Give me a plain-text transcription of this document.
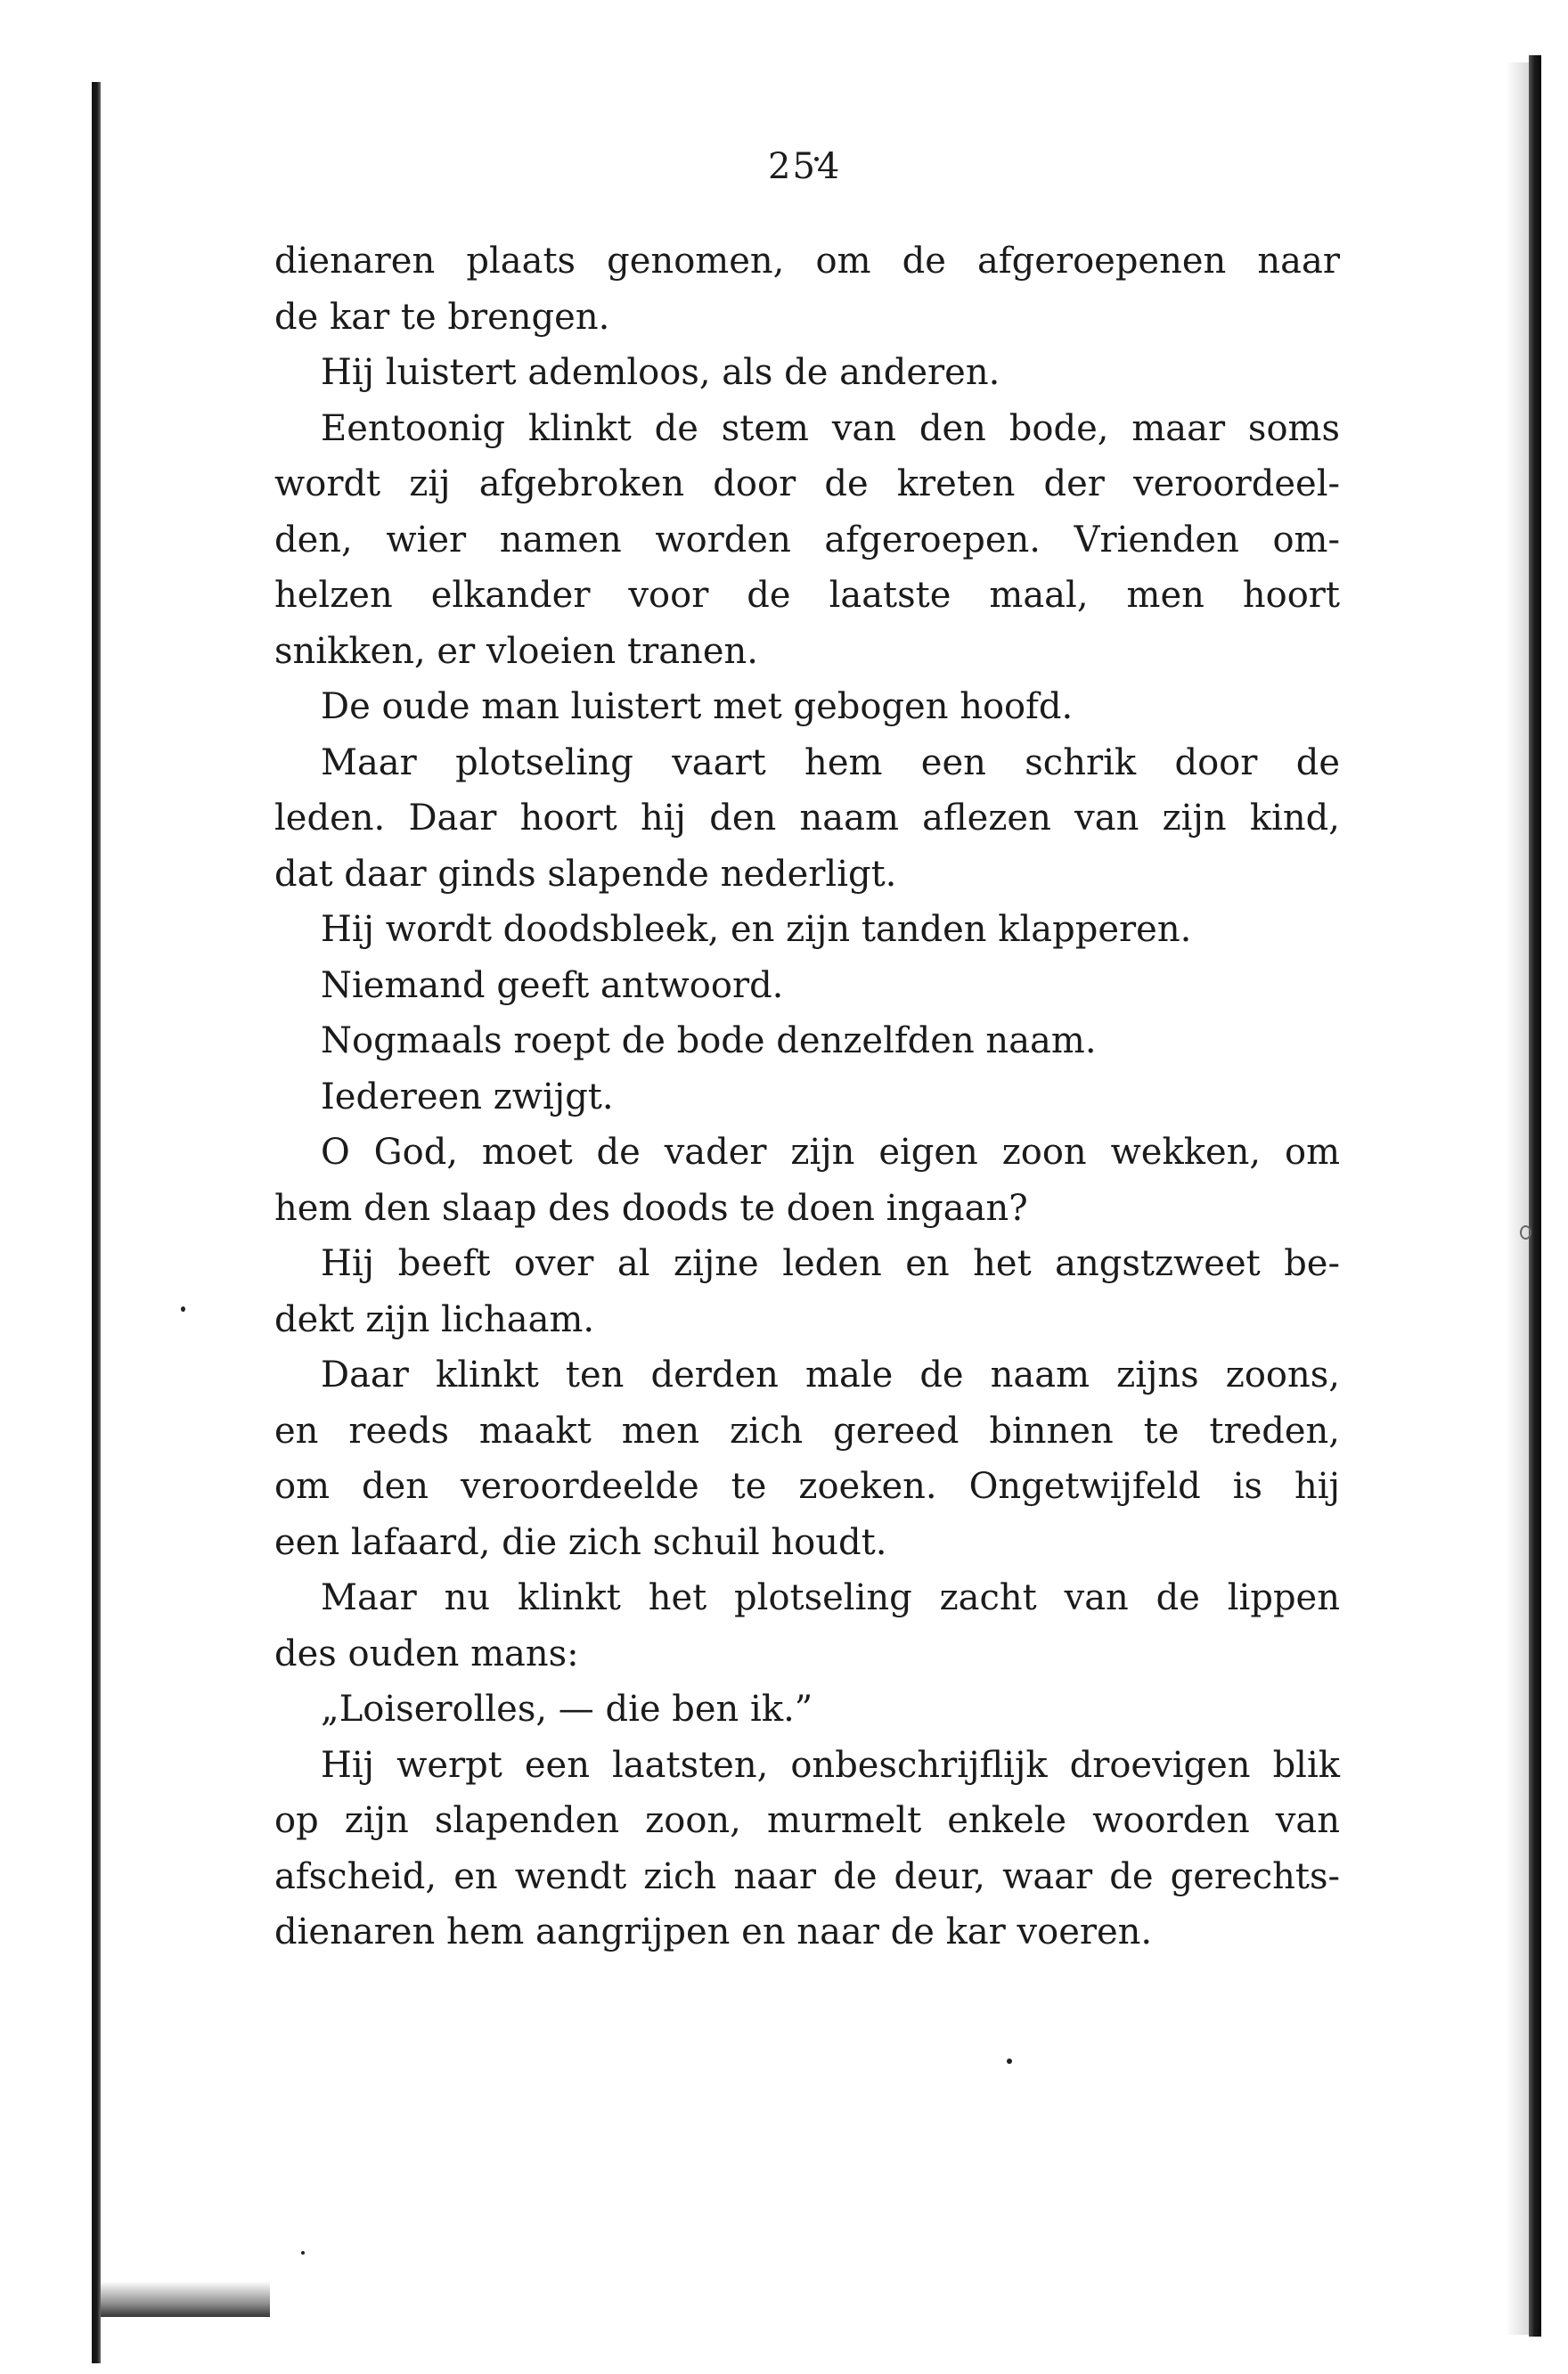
254
dienaren plaats genomen, om de afgeroepenen naar
de kar te brengen.
Hij luistert ademloos, als de anderen.
Eentoonig klinkt de stem van den bode, maar soms
wordt zij afgebroken door de kreten der veroordeel-
den, wier namen worden afgeroepen. Vrienden om-
helzen elkander voor de laatste maal, men hoort
snikken, er vloeien tranen.
De oude man luistert met gebogen hoofd.
Maar plotseling vaart hem een schrik door de
leden. Daar hoort hij den naam aflezen van zijn kind,
dat daar ginds slapende nederligt.
Hij wordt doodsbleek, en zijn tanden klapperen.
Niemand geeft antwoord.
Nogmaals roept de bode denzelfden naam.
Iedereen zwijgt.
O God, moet de vader zijn eigen zoon wekken, om
hem den slaap des doods te doen ingaan?
Hij beeft over al zijne leden en het angstzweet be-
dekt zijn lichaam.
Daar klinkt ten derden male de naam zijns zoons,
en reeds maakt men zich gereed binnen te treden,
om den veroordeelde te zoeken. Ongetwijfeld is hij
een lafaard, die zich schuil houdt.
Maar nu klinkt het plotseling zacht van de lippen
des ouden mans:
„Loiserolles, — die ben ik.”
Hij werpt een laatsten, onbeschrijflijk droevigen blik
op zijn slapenden zoon, murmelt enkele woorden van
afscheid, en wendt zich naar de deur, waar de gerechts-
dienaren hem aangrijpen en naar de kar voeren.
